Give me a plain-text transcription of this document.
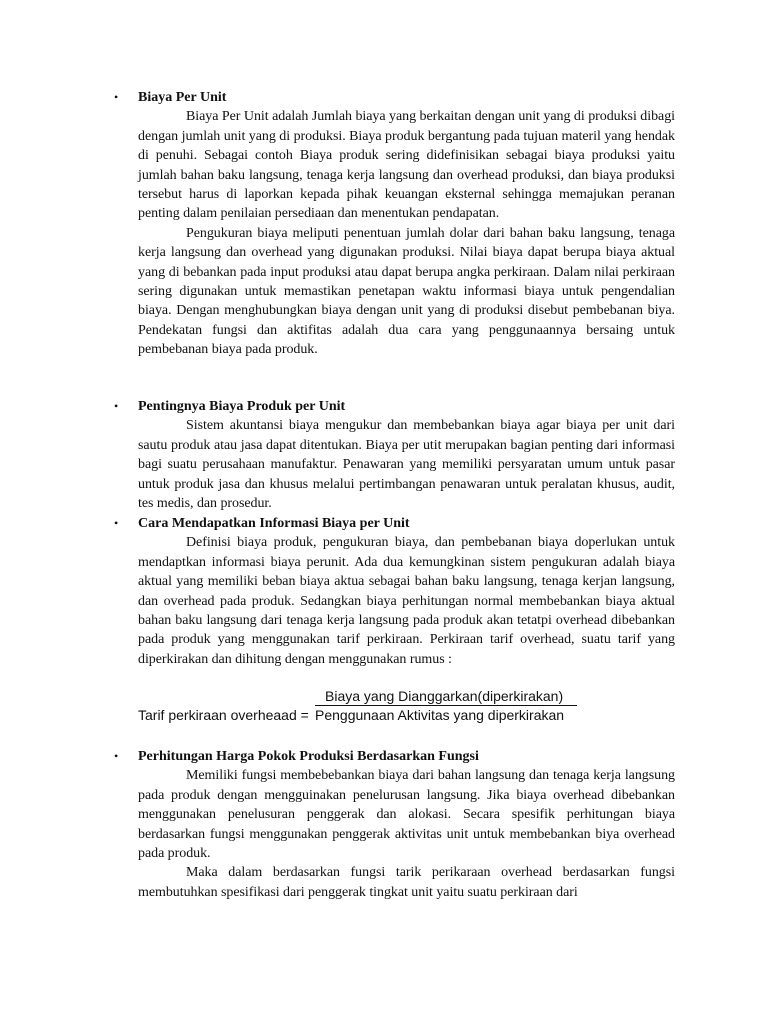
• Biaya Per Unit

Biaya Per Unit adalah Jumlah biaya yang berkaitan dengan unit yang di produksi dibagi dengan jumlah unit yang di produksi. Biaya produk bergantung pada tujuan materil yang hendak di penuhi. Sebagai contoh Biaya produk sering didefinisikan sebagai biaya produksi yaitu jumlah bahan baku langsung, tenaga kerja langsung dan overhead produksi, dan biaya produksi tersebut harus di laporkan kepada pihak keuangan eksternal sehingga memajukan peranan penting dalam penilaian persediaan dan menentukan pendapatan.

Pengukuran biaya meliputi penentuan jumlah dolar dari bahan baku langsung, tenaga kerja langsung dan overhead yang digunakan produksi. Nilai biaya dapat berupa biaya aktual yang di bebankan pada input produksi atau dapat berupa angka perkiraan. Dalam nilai perkiraan sering digunakan untuk memastikan penetapan waktu informasi biaya untuk pengendalian biaya. Dengan menghubungkan biaya dengan unit yang di produksi disebut pembebanan biya. Pendekatan fungsi dan aktifitas adalah dua cara yang penggunaannya bersaing untuk pembebanan biaya pada produk.

• Pentingnya Biaya Produk per Unit

Sistem akuntansi biaya mengukur dan membebankan biaya agar biaya per unit dari sautu produk atau jasa dapat ditentukan. Biaya per utit merupakan bagian penting dari informasi bagi suatu perusahaan manufaktur. Penawaran yang memiliki persyaratan umum untuk pasar untuk produk jasa dan khusus melalui pertimbangan penawaran untuk peralatan khusus, audit, tes medis, dan prosedur.

• Cara Mendapatkan Informasi Biaya per Unit

Definisi biaya produk, pengukuran biaya, dan pembebanan biaya doperlukan untuk mendaptkan informasi biaya perunit. Ada dua kemungkinan sistem pengukuran adalah biaya aktual yang memiliki beban biaya aktua sebagai bahan baku langsung, tenaga kerjan langsung, dan overhead pada produk. Sedangkan biaya perhitungan normal membebankan biaya aktual bahan baku langsung dari tenaga kerja langsung pada produk akan tetatpi overhead dibebankan pada produk yang menggunakan tarif perkiraan. Perkiraan tarif overhead, suatu tarif yang diperkirakan dan dihitung dengan menggunakan rumus :

Biaya yang Dianggarkan(diperkirakan)
Tarif perkiraan overheaad = Penggunaan Aktivitas yang diperkirakan
• Perhitungan Harga Pokok Produksi Berdasarkan Fungsi

Memiliki fungsi membebebankan biaya dari bahan langsung dan tenaga kerja langsung pada produk dengan mengguinakan penelurusan langsung. Jika biaya overhead dibebankan menggunakan penelusuran penggerak dan alokasi. Secara spesifik perhitungan biaya berdasarkan fungsi menggunakan penggerak aktivitas unit untuk membebankan biya overhead pada produk.

Maka dalam berdasarkan fungsi tarik perikaraan overhead berdasarkan fungsi membutuhkan spesifikasi dari penggerak tingkat unit yaitu suatu perkiraan dari
